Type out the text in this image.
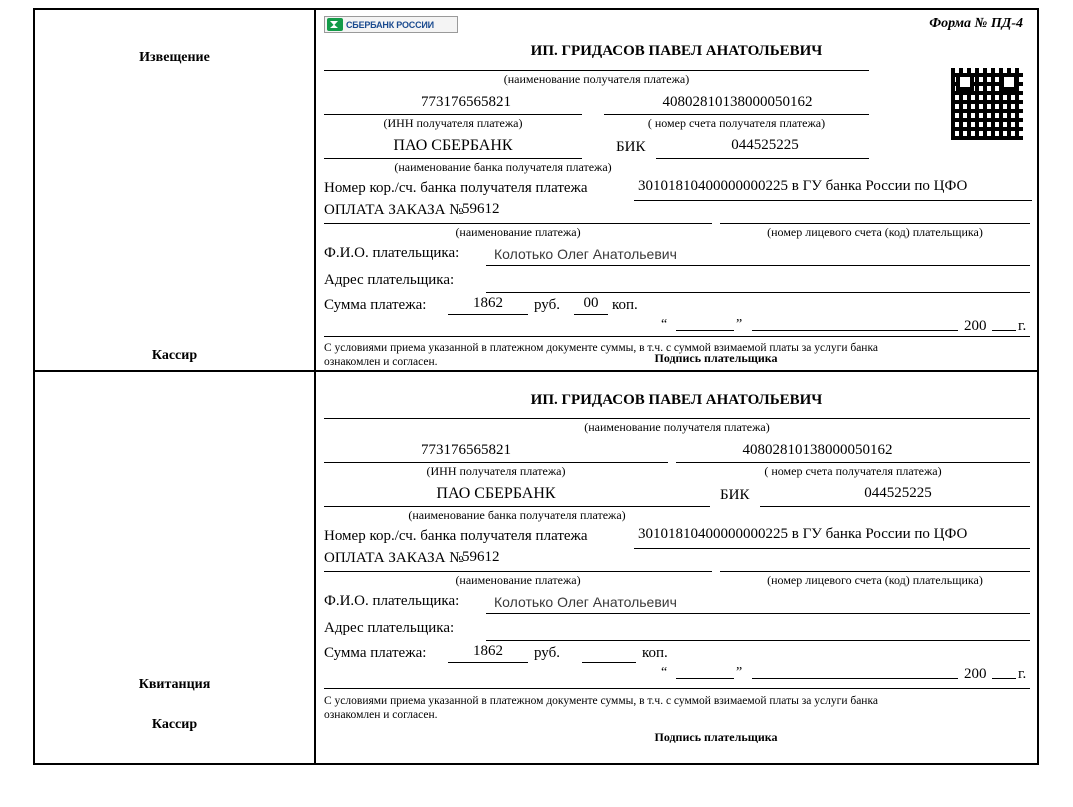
Извещение
Кассир
СБЕРБАНК РОССИИ	Форма № ПД-4
ИП. ГРИДАСОВ ПАВЕЛ АНАТОЛЬЕВИЧ
(наименование получателя платежа)
773176565821
(ИНН получателя платежа)
40802810138000050162
( номер счета получателя платежа)
ПАО СБЕРБАНК
(наименование банка получателя платежа)
БИК	044525225
Номер кор./сч. банка получателя платежа	30101810400000000225 в ГУ банка России по ЦФО
ОПЛАТА ЗАКАЗА №
59612
(наименование платежа)	(номер лицевого счета (код) плательщика)
Ф.И.О. плательщика: Колотько Олег Анатольевич
Адрес плательщика:
Сумма платежа:	1862	руб.	00 коп.
“	”	200 г.
С условиями приема указанной в платежном документе суммы, в т.ч. с суммой взимаемой платы за услуги банка
ознакомлен и согласен.	Подпись плательщика
Квитанция
Кассир
ИП. ГРИДАСОВ ПАВЕЛ АНАТОЛЬЕВИЧ
(наименование получателя платежа)
773176565821
(ИНН получателя платежа)
40802810138000050162
( номер счета получателя платежа)
ПАО СБЕРБАНК
(наименование банка получателя платежа)
БИК	044525225
Номер кор./сч. банка получателя платежа	30101810400000000225 в ГУ банка России по ЦФО
ОПЛАТА ЗАКАЗА №
59612
(наименование платежа)	(номер лицевого счета (код) плательщика)
Ф.И.О. плательщика: Колотько Олег Анатольевич
Адрес плательщика:
Сумма платежа:	1862	руб.	коп.
“	”	200 г.
С условиями приема указанной в платежном документе суммы, в т.ч. с суммой взимаемой платы за услуги банка
ознакомлен и согласен.
Подпись плательщика
